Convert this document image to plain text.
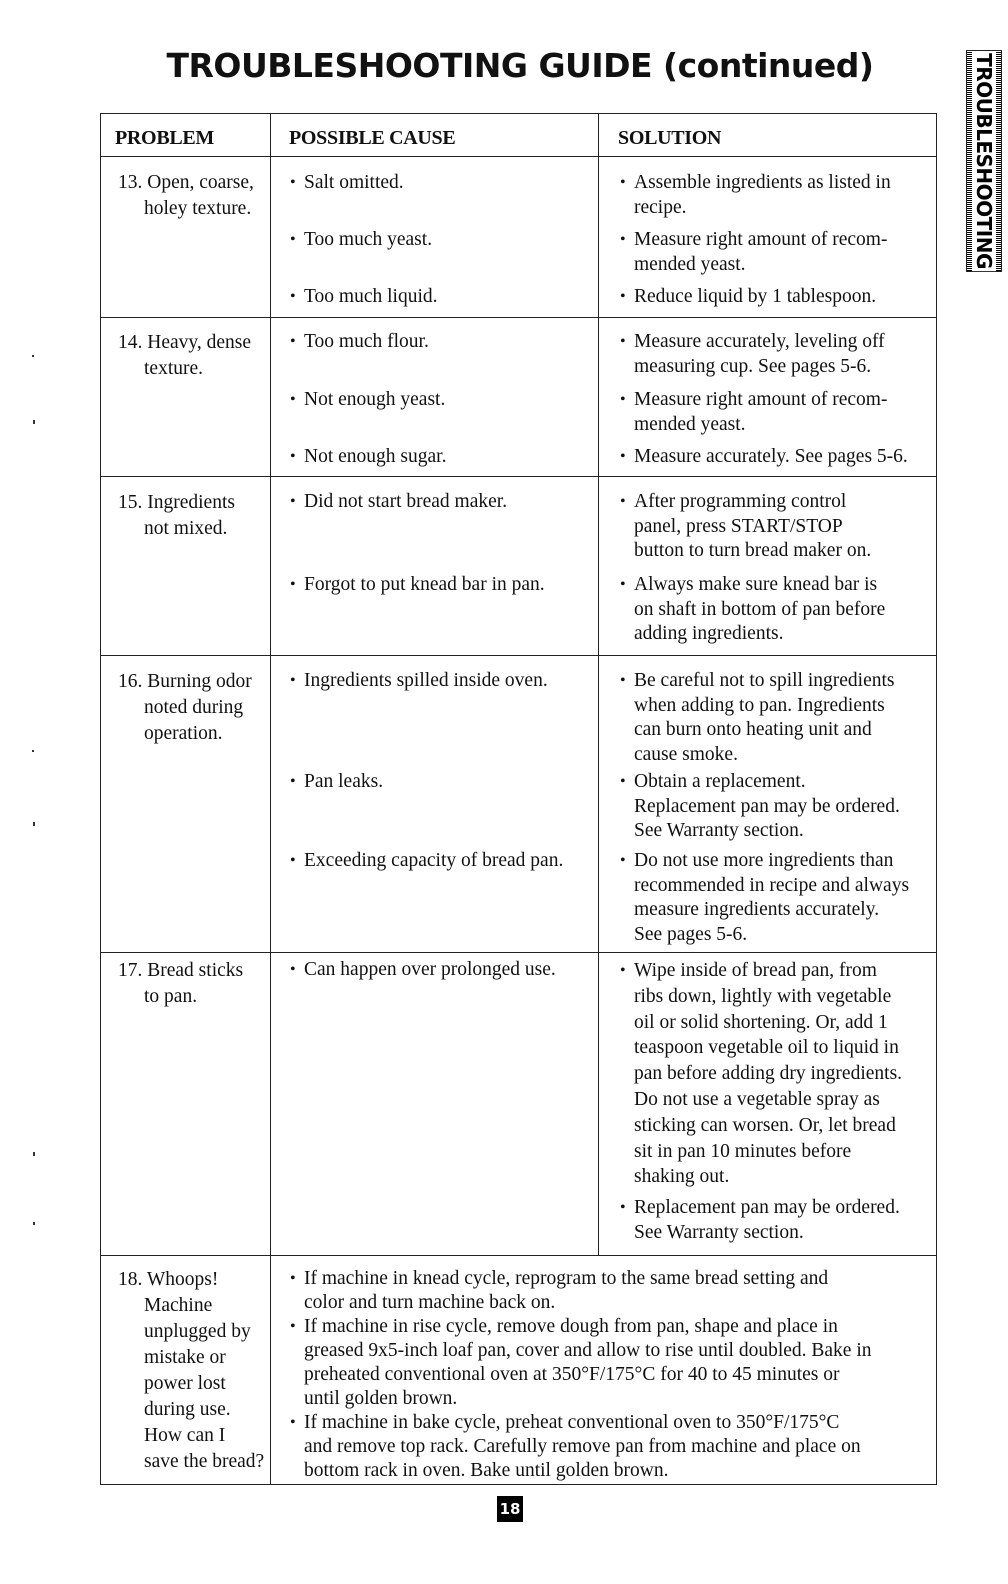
TROUBLESHOOTING GUIDE (continued)	TROUBLESHOOTING
PROBLEM	POSSIBLE CAUSE	SOLUTION
13. Open, coarse,
holey texture.
• Salt omitted.	• Assemble ingredients as listed in
recipe.
• Too much yeast.	• Measure right amount of recom-
mended yeast.
• Too much liquid.	• Reduce liquid by 1 tablespoon.
14. Heavy, dense
texture.
• Too much flour.	• Measure accurately, leveling off
measuring cup. See pages 5-6.
• Not enough yeast.	• Measure right amount of recom-
mended yeast.
• Not enough sugar.	• Measure accurately. See pages 5-6.
15. Ingredients
not mixed.
• Did not start bread maker.	• After programming control
panel, press START/STOP
button to turn bread maker on.
• Forgot to put knead bar in pan.	• Always make sure knead bar is
on shaft in bottom of pan before
adding ingredients.
16. Burning odor
noted during
operation.
• Ingredients spilled inside oven.	• Be careful not to spill ingredients
when adding to pan. Ingredients
can burn onto heating unit and
cause smoke.
• Pan leaks.	• Obtain a replacement.
Replacement pan may be ordered.
See Warranty section.
• Exceeding capacity of bread pan.	• Do not use more ingredients than
recommended in recipe and always
measure ingredients accurately.
See pages 5-6.
17. Bread sticks
to pan.
• Can happen over prolonged use.	• Wipe inside of bread pan, from
ribs down, lightly with vegetable
oil or solid shortening. Or, add 1
teaspoon vegetable oil to liquid in
pan before adding dry ingredients.
Do not use a vegetable spray as
sticking can worsen. Or, let bread
sit in pan 10 minutes before
shaking out.
• Replacement pan may be ordered.
See Warranty section.
18. Whoops!
Machine
unplugged by
mistake or
power lost
during use.
How can I
save the bread?
• If machine in knead cycle, reprogram to the same bread setting and
color and turn machine back on.
• If machine in rise cycle, remove dough from pan, shape and place in
greased 9x5-inch loaf pan, cover and allow to rise until doubled. Bake in
preheated conventional oven at 350°F/175°C for 40 to 45 minutes or
until golden brown.
• If machine in bake cycle, preheat conventional oven to 350°F/175°C
and remove top rack. Carefully remove pan from machine and place on
bottom rack in oven. Bake until golden brown.
18
